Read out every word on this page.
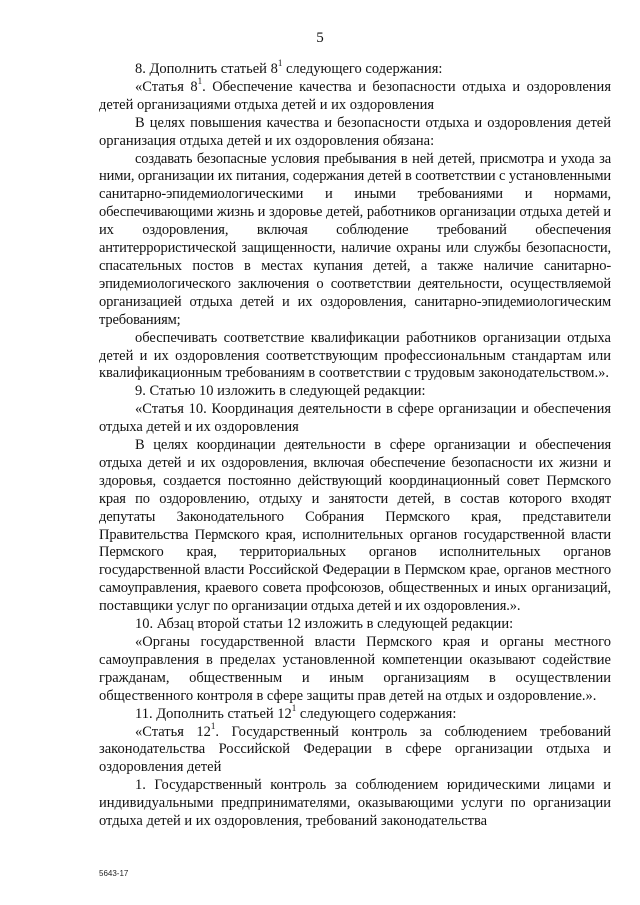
5

8. Дополнить статьей $8^1$ следующего содержания:

«Статья $8^1$. Обеспечение качества и безопасности отдыха и оздоровления детей организациями отдыха детей и их оздоровления

В целях повышения качества и безопасности отдыха и оздоровления детей организация отдыха детей и их оздоровления обязана:

создавать безопасные условия пребывания в ней детей, присмотра и ухода за ними, организации их питания, содержания детей в соответствии с установленными санитарно-эпидемиологическими и иными требованиями и нормами, обеспечивающими жизнь и здоровье детей, работников организации отдыха детей и их оздоровления, включая соблюдение требований обеспечения антитеррористической защищенности, наличие охраны или службы безопасности, спасательных постов в местах купания детей, а также наличие санитарно-эпидемиологического заключения о соответствии деятельности, осуществляемой организацией отдыха детей и их оздоровления, санитарно-эпидемиологическим требованиям;

обеспечивать соответствие квалификации работников организации отдыха детей и их оздоровления соответствующим профессиональным стандартам или квалификационным требованиям в соответствии с трудовым законодательством.».

9. Статью 10 изложить в следующей редакции:

«Статья 10. Координация деятельности в сфере организации и обеспечения отдыха детей и их оздоровления

В целях координации деятельности в сфере организации и обеспечения отдыха детей и их оздоровления, включая обеспечение безопасности их жизни и здоровья, создается постоянно действующий координационный совет Пермского края по оздоровлению, отдыху и занятости детей, в состав которого входят депутаты Законодательного Собрания Пермского края, представители Правительства Пермского края, исполнительных органов государственной власти Пермского края, территориальных органов исполнительных органов государственной власти Российской Федерации в Пермском крае, органов местного самоуправления, краевого совета профсоюзов, общественных и иных организаций, поставщики услуг по организации отдыха детей и их оздоровления.».

10. Абзац второй статьи 12 изложить в следующей редакции:

«Органы государственной власти Пермского края и органы местного самоуправления в пределах установленной компетенции оказывают содействие гражданам, общественным и иным организациям в осуществлении общественного контроля в сфере защиты прав детей на отдых и оздоровление.».

11. Дополнить статьей $12^1$ следующего содержания:

«Статья $12^1$. Государственный контроль за соблюдением требований законодательства Российской Федерации в сфере организации отдыха и оздоровления детей

1. Государственный контроль за соблюдением юридическими лицами и индивидуальными предпринимателями, оказывающими услуги по организации отдыха детей и их оздоровления, требований законодательства

5643-17
